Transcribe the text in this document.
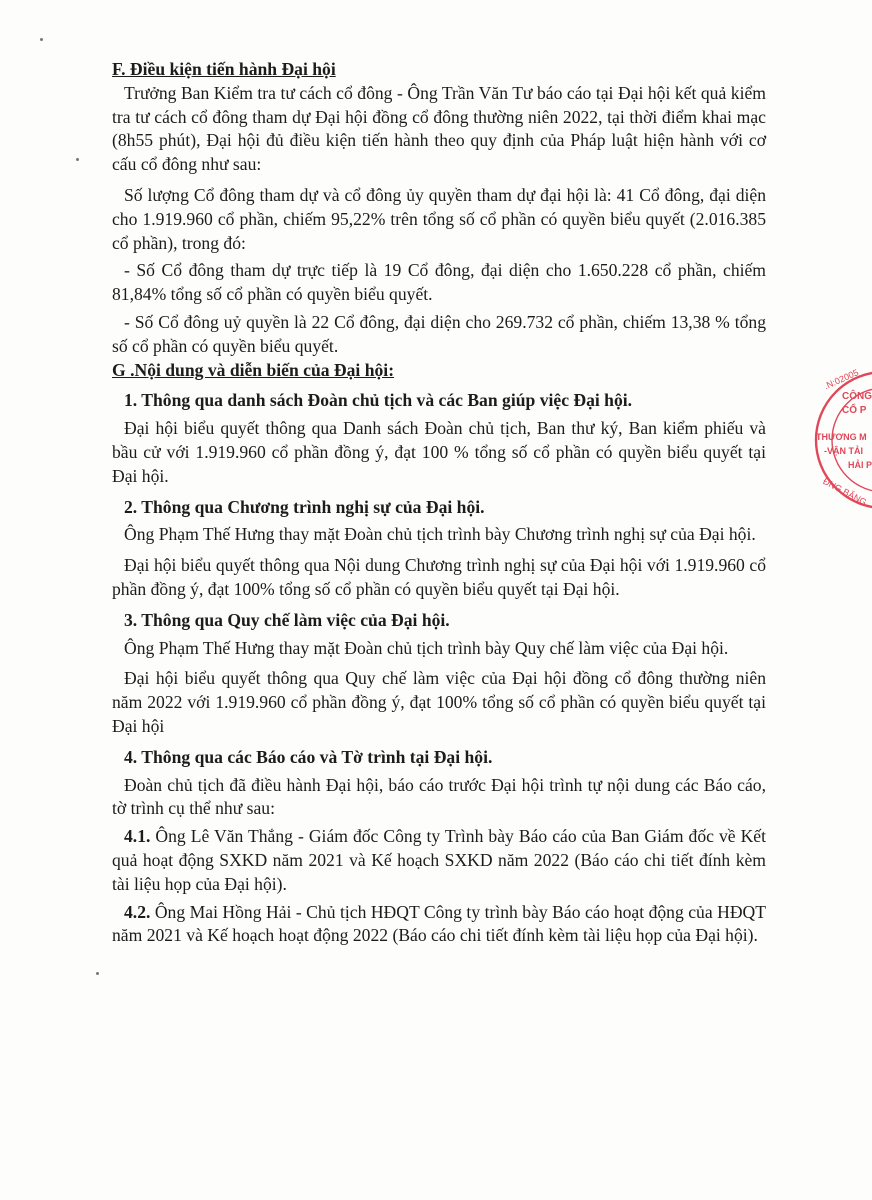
F. Điều kiện tiến hành Đại hội

Trưởng Ban Kiểm tra tư cách cổ đông - Ông Trần Văn Tư báo cáo tại Đại hội kết quả kiểm tra tư cách cổ đông tham dự Đại hội đồng cổ đông thường niên 2022, tại thời điểm khai mạc (8h55 phút), Đại hội đủ điều kiện tiến hành theo quy định của Pháp luật hiện hành với cơ cấu cổ đông như sau:

Số lượng Cổ đông tham dự và cổ đông ủy quyền tham dự đại hội là: 41 Cổ đông, đại diện cho 1.919.960 cổ phần, chiếm 95,22% trên tổng số cổ phần có quyền biểu quyết (2.016.385 cổ phần), trong đó:

- Số Cổ đông tham dự trực tiếp là 19 Cổ đông, đại diện cho 1.650.228 cổ phần, chiếm 81,84% tổng số cổ phần có quyền biểu quyết.

- Số Cổ đông uỷ quyền là 22 Cổ đông, đại diện cho 269.732 cổ phần, chiếm 13,38 % tổng số cổ phần có quyền biểu quyết.

G .Nội dung và diễn biến của Đại hội:

1. Thông qua danh sách Đoàn chủ tịch và các Ban giúp việc Đại hội.

Đại hội biểu quyết thông qua Danh sách Đoàn chủ tịch, Ban thư ký, Ban kiểm phiếu và bầu cử với 1.919.960 cổ phần đồng ý, đạt 100 % tổng số cổ phần có quyền biểu quyết tại Đại hội.

2. Thông qua Chương trình nghị sự của Đại hội.

Ông Phạm Thế Hưng thay mặt Đoàn chủ tịch trình bày Chương trình nghị sự của Đại hội.

Đại hội biểu quyết thông qua Nội dung Chương trình nghị sự của Đại hội với 1.919.960 cổ phần đồng ý, đạt 100% tổng số cổ phần có quyền biểu quyết tại Đại hội.

3. Thông qua Quy chế làm việc của Đại hội.

Ông Phạm Thế Hưng thay mặt Đoàn chủ tịch trình bày Quy chế làm việc của Đại hội.

Đại hội biểu quyết thông qua Quy chế làm việc của Đại hội đồng cổ đông thường niên năm 2022 với 1.919.960 cổ phần đồng ý, đạt 100% tổng số cổ phần có quyền biểu quyết tại Đại hội

4. Thông qua các Báo cáo và Tờ trình tại Đại hội.

Đoàn chủ tịch đã điều hành Đại hội, báo cáo trước Đại hội trình tự nội dung các Báo cáo, tờ trình cụ thể như sau:

4.1. Ông Lê Văn Thắng - Giám đốc Công ty Trình bày Báo cáo của Ban Giám đốc về Kết quả hoạt động SXKD năm 2021 và Kế hoạch SXKD năm 2022 (Báo cáo chi tiết đính kèm tài liệu họp của Đại hội).

4.2. Ông Mai Hồng Hải - Chủ tịch HĐQT Công ty trình bày Báo cáo hoạt động của HĐQT năm 2021 và Kế hoạch hoạt động 2022 (Báo cáo chi tiết đính kèm tài liệu họp của Đại hội).

.N:02005
CÔNG
CỔ P
THƯƠNG M
-VẬN TẢI
HẢI P
ĐNG BĂNG
